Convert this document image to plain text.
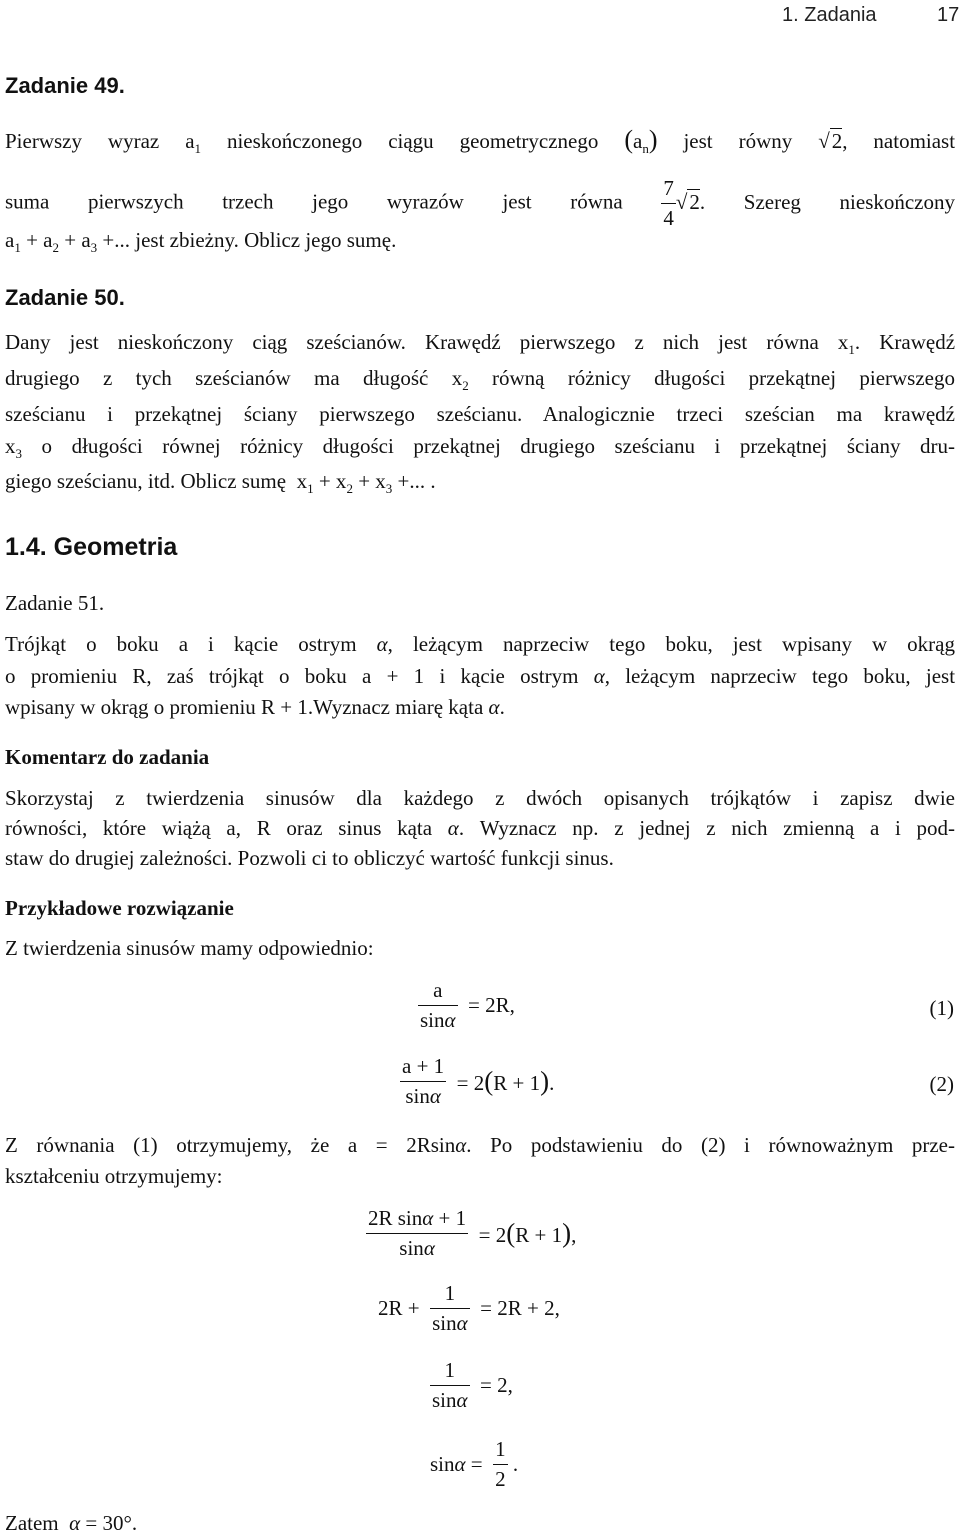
1. Zadania	17
Zadanie 49.
Pierwszy wyraz $a_1$ nieskończonego ciągu geometrycznego $(a_n)$ jest równy √2, natomiast
suma pierwszych trzech jego wyrazów jest równa $\frac{7}{4} √2$. Szereg nieskończony
$a_1 + a_2 + a_3$ +... jest zbieżny. Oblicz jego sumę.
Zadanie 50.
Dany jest nieskończony ciąg sześcianów. Krawędź pierwszego z nich jest równa $x_1$. Krawędź
drugiego z tych sześcianów ma długość $x_2$ równą różnicy długości przekątnej pierwszego
sześcianu i przekątnej ściany pierwszego sześcianu. Analogicznie trzeci sześcian ma krawędź
$x_3$ o długości równej różnicy długości przekątnej drugiego sześcianu i przekątnej ściany dru-
giego sześcianu, itd. Oblicz sumę  $x_1 + x_2 + x_3$ +... .
1.4. Geometria
Zadanie 51.
Trójkąt o boku a i kącie ostrym α, leżącym naprzeciw tego boku, jest wpisany w okrąg
o promieniu R, zaś trójkąt o boku a + 1 i kącie ostrym α, leżącym naprzeciw tego boku, jest
wpisany w okrąg o promieniu R + 1.Wyznacz miarę kąta α.
Komentarz do zadania
Skorzystaj z twierdzenia sinusów dla każdego z dwóch opisanych trójkątów i zapisz dwie
równości, które wiążą a, R oraz sinus kąta α. Wyznacz np. z jednej z nich zmienną a i pod-
staw do drugiej zależności. Pozwoli ci to obliczyć wartość funkcji sinus.
Przykładowe rozwiązanie
Z twierdzenia sinusów mamy odpowiednio:
$\frac{a}{\sin\alpha} = 2R$,	(1)
$\frac{a + 1}{\sin\alpha} = 2(R + 1)$.	(2)
Z równania (1) otrzymujemy, że a = 2Rsinα. Po podstawieniu do (2) i równoważnym prze-
kształceniu otrzymujemy:
$\frac{\text{2R sinα + 1}}{\sin\alpha} = 2(R + 1)$,
$2R + \frac{1}{\sin\alpha} = 2R + 2$,
$\frac{1}{\sin\alpha} = 2$,
$\sin\alpha = \frac{1}{2}$ .
Zatem α = 30°.
